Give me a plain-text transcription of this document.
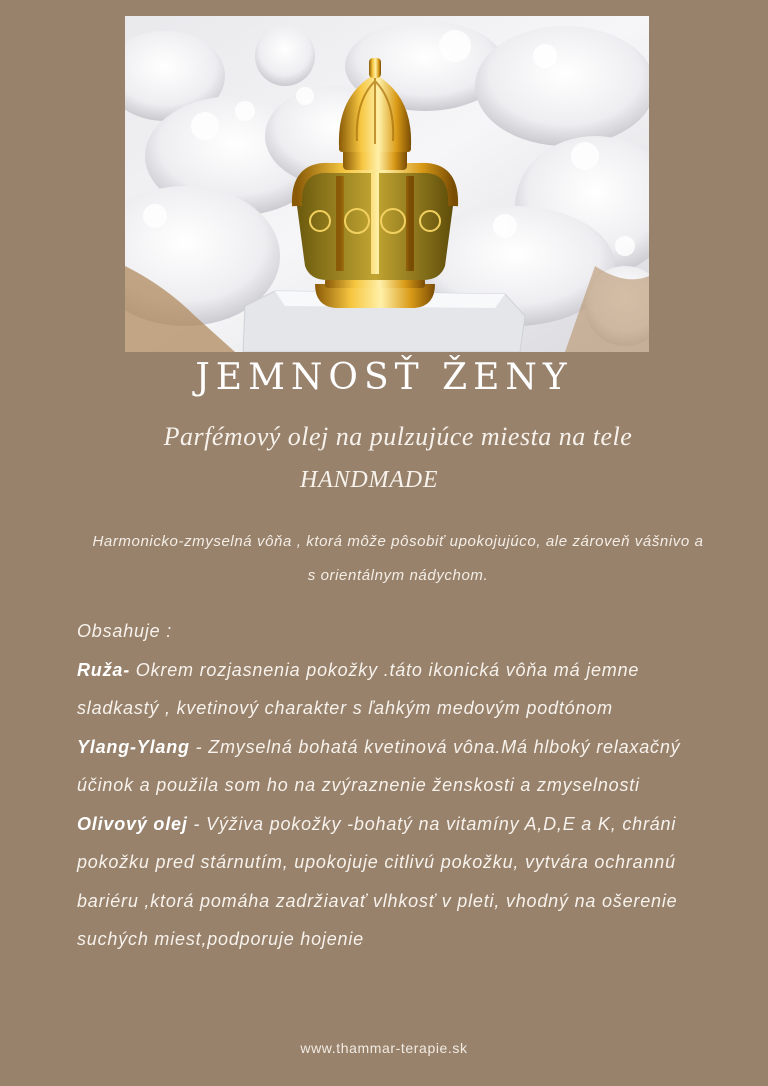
JEMNOSŤ ŽENY
Parfémový olej na pulzujúce miesta na tele
HANDMADE
Harmonicko-zmyselná vôňa , ktorá môže pôsobiť upokojujúco, ale zároveň vášnivo a s orientálnym nádychom.

Obsahuje :

Ruža- Okrem rozjasnenia pokožky .táto ikonická vôňa má jemne sladkastý , kvetinový charakter s ľahkým medovým podtónom

Ylang-Ylang - Zmyselná bohatá kvetinová vôna.Má hlboký relaxačný účinok a použila som ho na zvýraznenie ženskosti a zmyselnosti

Olivový olej - Výživa pokožky -bohatý na vitamíny A,D,E a K, chráni pokožku pred stárnutím, upokojuje citlivú pokožku, vytvára ochrannú bariéru ,ktorá pomáha zadržiavať vlhkosť v pleti, vhodný na ošerenie suchých miest,podporuje hojenie

www.thammar-terapie.sk
